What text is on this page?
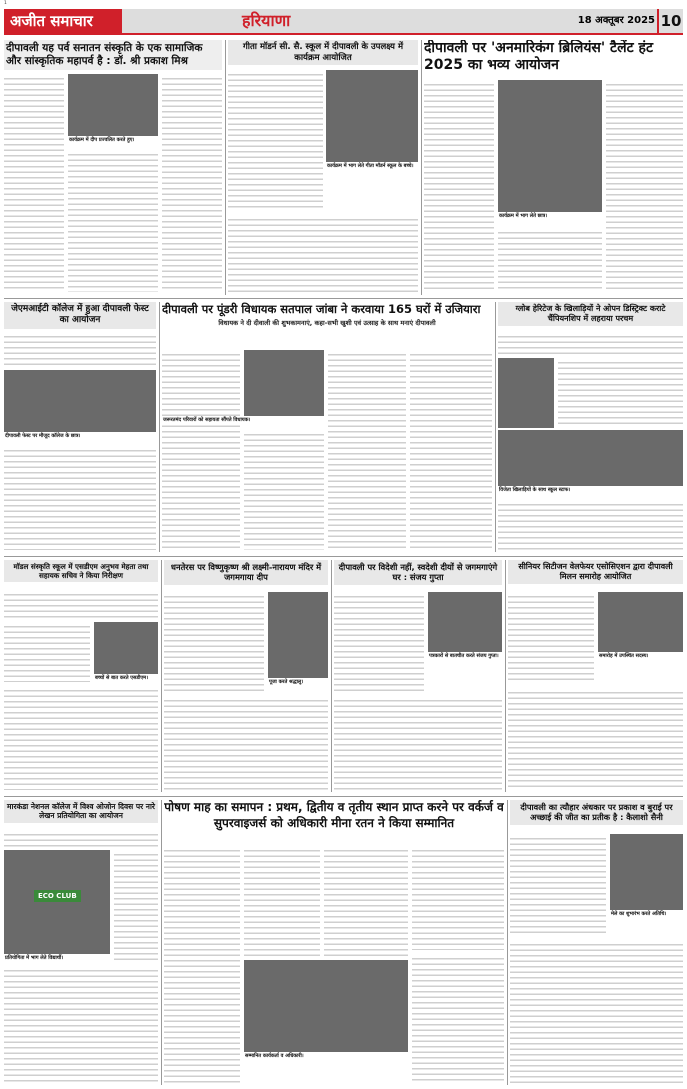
1
अजीत समाचार	हरियाणा	18 अक्तूबर 2025 10
दीपावली यह पर्व सनातन संस्कृति के एक सामाजिक और सांस्कृतिक महापर्व है : डॉ. श्री प्रकाश मिश्र
कार्यक्रम में दीप प्रज्वलित करते हुए।
गीता मॉडर्न सी. सै. स्कूल में दीपावली के उपलक्ष्य में कार्यक्रम आयोजित
कार्यक्रम में भाग लेते गीता मॉडर्न स्कूल के बच्चे।
दीपावली पर 'अनमारिकंग ब्रिलियंस' टैलेंट हंट 2025 का भव्य आयोजन
कार्यक्रम में भाग लेते छात्र।
जेएमआईटी कॉलेज में हुआ दीपावली फेस्ट का आयोजन
दीपावली फेस्ट पर मौजूद कॉलेज के छात्र।
दीपावली पर पूंडरी विधायक सतपाल जांबा ने करवाया 165 घरों में उजियारा
विधायक ने दी दीवाली की शुभकामनाएं, कहा-सभी खुशी एवं उत्साह के साथ मनाएं दीपावली
जरूरतमंद परिवारों को सहायता सौंपते विधायक।
ग्लोब हेरिटेज के खिलाड़ियों ने ओपन डिस्ट्रिक्ट कराटे चैंपियनशिप में लहराया परचम
विजेता खिलाड़ियों के साथ स्कूल स्टाफ।
मॉडल संस्कृति स्कूल में एसडीएम अनुभव मेहता तथा सहायक सचिव ने किया निरीक्षण
बच्चों से बात करते एसडीएम।
धनतेरस पर विष्णुकृष्ण श्री लक्ष्मी-नारायण मंदिर में जगमगाया दीप
पूजा करते श्रद्धालु।
दीपावली पर विदेशी नहीं, स्वदेशी दीयों से जगमगाएंगे घर : संजय गुप्ता
पत्रकारों से बातचीत करते संजय गुप्ता।
सीनियर सिटीजन वेलफेयर एसोसिएशन द्वारा दीपावली मिलन समारोह आयोजित
समारोह में उपस्थित सदस्य।
मारकंडा नेशनल कॉलेज में विश्व ओजोन दिवस पर नारे लेखन प्रतियोगिता का आयोजन
ECO CLUB
प्रतियोगिता में भाग लेते विद्यार्थी।
पोषण माह का समापन : प्रथम, द्वितीय व तृतीय स्थान प्राप्त करने पर वर्कर्ज व सुपरवाइजर्स को अधिकारी मीना रतन ने किया सम्मानित
सम्मानित कार्यकर्ता व अधिकारी।
दीपावली का त्यौहार अंधकार पर प्रकाश व बुराई पर अच्छाई की जीत का प्रतीक है : कैलाशो सैनी
मेले का शुभारंभ करते अतिथि।
